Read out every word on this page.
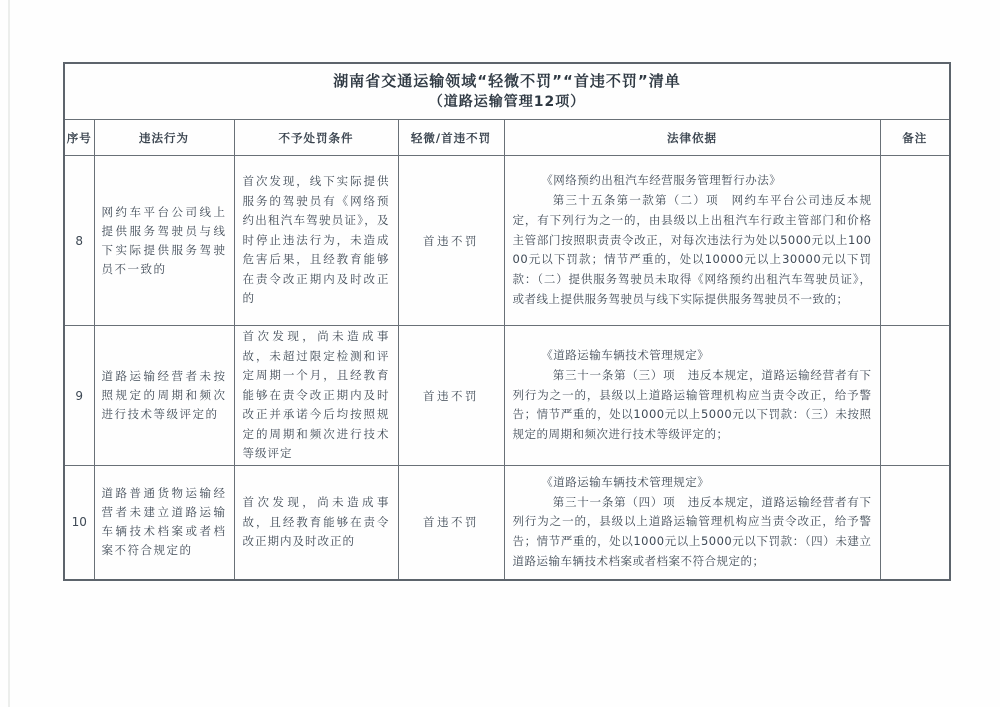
湖南省交通运输领域“轻微不罚”“首违不罚”清单
（道路运输管理12项）					

序号	违法行为	不予处罚条件	轻微/首违不罚	法律依据	备注
8	网约车平台公司线上提供服务驾驶员与线下实际提供服务驾驶员不一致的	首次发现，线下实际提供服务的驾驶员有《网络预约出租汽车驾驶员证》，及时停止违法行为，未造成危害后果，且经教育能够在责令改正期内及时改正的	首违不罚	《网络预约出租汽车经营服务管理暂行办法》

第三十五条第一款第（二）项　网约车平台公司违反本规定，有下列行为之一的，由县级以上出租汽车行政主管部门和价格主管部门按照职责责令改正，对每次违法行为处以5000元以上10000元以下罚款；情节严重的，处以10000元以上30000元以下罚款：（二）提供服务驾驶员未取得《网络预约出租汽车驾驶员证》，或者线上提供服务驾驶员与线下实际提供服务驾驶员不一致的；	

9	道路运输经营者未按照规定的周期和频次进行技术等级评定的	首次发现，尚未造成事故，未超过限定检测和评定周期一个月，且经教育能够在责令改正期内及时改正并承诺今后均按照规定的周期和频次进行技术等级评定	首违不罚	《道路运输车辆技术管理规定》

第三十一条第（三）项　违反本规定，道路运输经营者有下列行为之一的，县级以上道路运输管理机构应当责令改正，给予警告；情节严重的，处以1000元以上5000元以下罚款：（三）未按照规定的周期和频次进行技术等级评定的；	

10	道路普通货物运输经营者未建立道路运输车辆技术档案或者档案不符合规定的	首次发现，尚未造成事故，且经教育能够在责令改正期内及时改正的	首违不罚	《道路运输车辆技术管理规定》

第三十一条第（四）项　违反本规定，道路运输经营者有下列行为之一的，县级以上道路运输管理机构应当责令改正，给予警告；情节严重的，处以1000元以上5000元以下罚款：（四）未建立道路运输车辆技术档案或者档案不符合规定的；	
